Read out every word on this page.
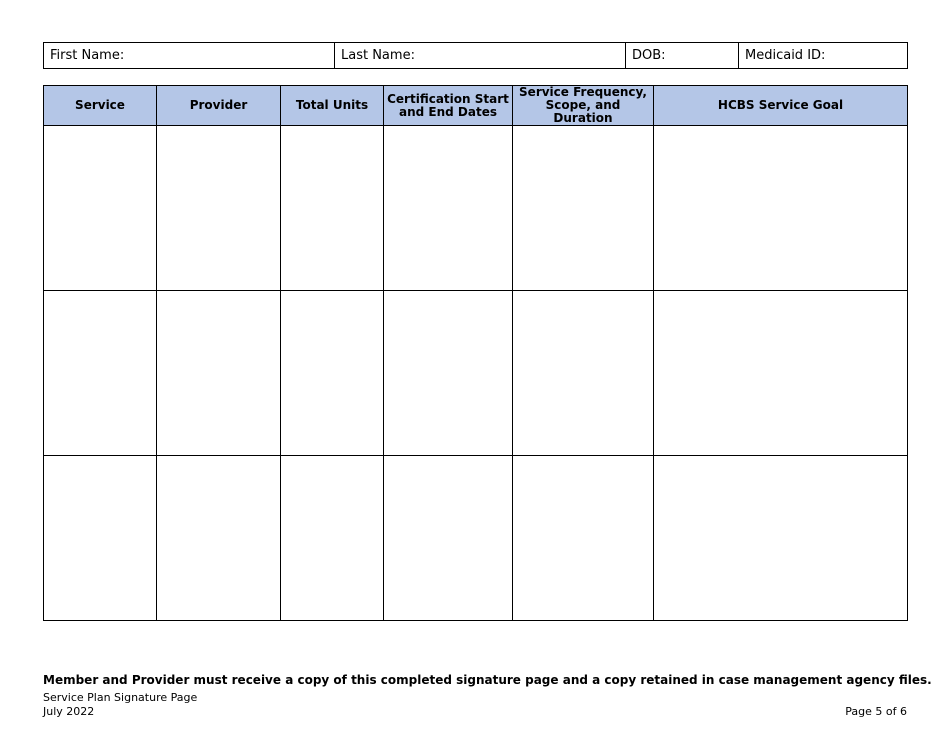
First Name:	Last Name:	DOB:	Medicaid ID:
Service	Provider	Total Units	Certification Start and End Dates	Service Frequency, Scope, and Duration	HCBS Service Goal

Member and Provider must receive a copy of this completed signature page and a copy retained in case management agency files.
Service Plan Signature Page
July 2022	Page 5 of 6
